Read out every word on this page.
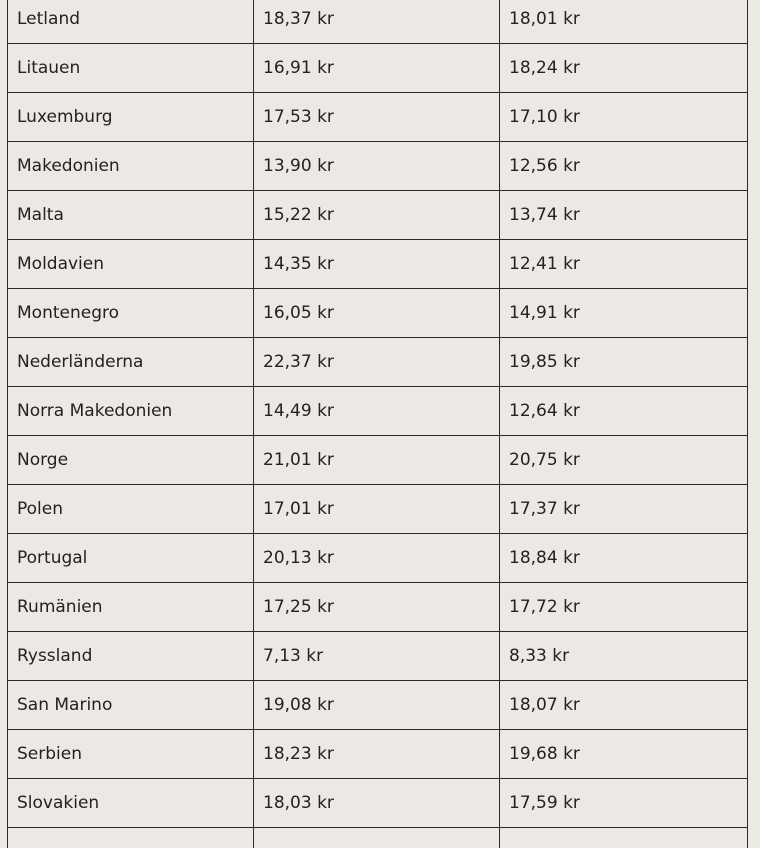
Letland	18,37 kr	18,01 kr
Litauen	16,91 kr	18,24 kr
Luxemburg	17,53 kr	17,10 kr
Makedonien	13,90 kr	12,56 kr
Malta	15,22 kr	13,74 kr
Moldavien	14,35 kr	12,41 kr
Montenegro	16,05 kr	14,91 kr
Nederländerna	22,37 kr	19,85 kr
Norra Makedonien	14,49 kr	12,64 kr
Norge	21,01 kr	20,75 kr
Polen	17,01 kr	17,37 kr
Portugal	20,13 kr	18,84 kr
Rumänien	17,25 kr	17,72 kr
Ryssland	7,13 kr	8,33 kr
San Marino	19,08 kr	18,07 kr
Serbien	18,23 kr	19,68 kr
Slovakien	18,03 kr	17,59 kr
